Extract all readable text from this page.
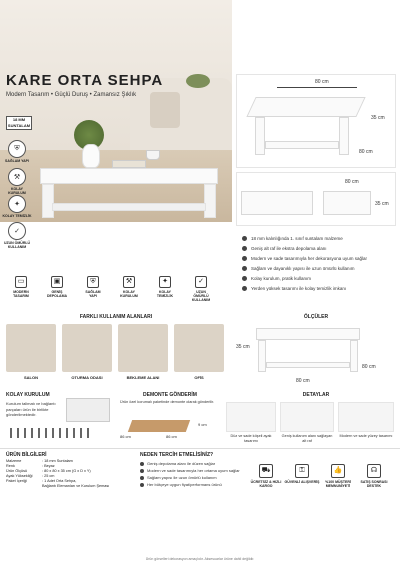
KARE ORTA SEHPA
Modern Tasarım • Güçlü Duruş • Zamansız Şıklık
18 MM SUNTALAM
⛨
SAĞLAM YAPI
⚒
KOLAY KURULUM
✦
KOLAY TEMİZLİK
✓
UZUN ÖMÜRLÜ KULLANIM
80 cm
35 cm
80 cm
80 cm
35 cm
18 mm kalınlığında 1. sınıf suntalam malzeme
Geniş alt raf ile ekstra depolama alanı
Modern ve sade tasarımıyla her dekorasyona uyum sağlar
Sağlam ve dayanıklı yapısı ile uzun ömürlü kullanım
Kolay kurulum, pratik kullanım
Yerden yüksek tasarımı ile kolay temizlik imkanı
▭
MODERN TASARIM
▣
GENİŞ DEPOLAMA
⛨
SAĞLAM YAPI
⚒
KOLAY KURULUM
✦
KOLAY TEMİZLİK
✓
UZUN ÖMÜRLÜ KULLANIM
FARKLI KULLANIM ALANLARI
SALON	OTURMA ODASI	BEKLEME ALANI	OFİS
ÖLÇÜLER
35 cm
80 cm
80 cm
KOLAY KURULUM
Kurulum talimatı ve bağlantı parçaları ürün ile birlikte gönderilmektedir.
DEMONTE GÖNDERİM
Ürün özel korumalı paketinde demonte olarak gönderilir.
86 cm	86 cm
9 cm
DETAYLAR
Düz ve sade köşeli ayak tasarımı
Geniş kullanım alanı sağlayan alt raf
Modern ve sade yüzey tasarımı
ÜRÜN BİLGİLERİ
Malzeme	: 18 mm Suntalam
Renk	: Beyaz
Ürün Ölçüsü	: 80 x 80 x 35 cm (G x D x Y)
Ayak Yüksekliği	: 25 cm
Paket İçeriği	: 1 Adet Orta Sehpa,
Bağlantı Elemanları ve Kurulum Şeması
NEDEN TERCİH ETMELİSİNİZ?
Geniş depolama alanı ile düzen sağlar
Modern ve sade tasarımıyla her ortama uyum sağlar
Sağlam yapısı ile uzun ömürlü kullanım
Her bütçeye uygun fiyat/performans ürünü
⛟
ÜCRETSİZ & HIZLI KARGO
⚿
GÜVENLİ ALIŞVERİŞ
👍
%100 MÜŞTERİ MEMNUNİYETİ
☊
SATIŞ SONRASI DESTEK
Ürün görselleri dekorasyon amaçlıdır. Aksesuarlar ürüne dahil değildir.
